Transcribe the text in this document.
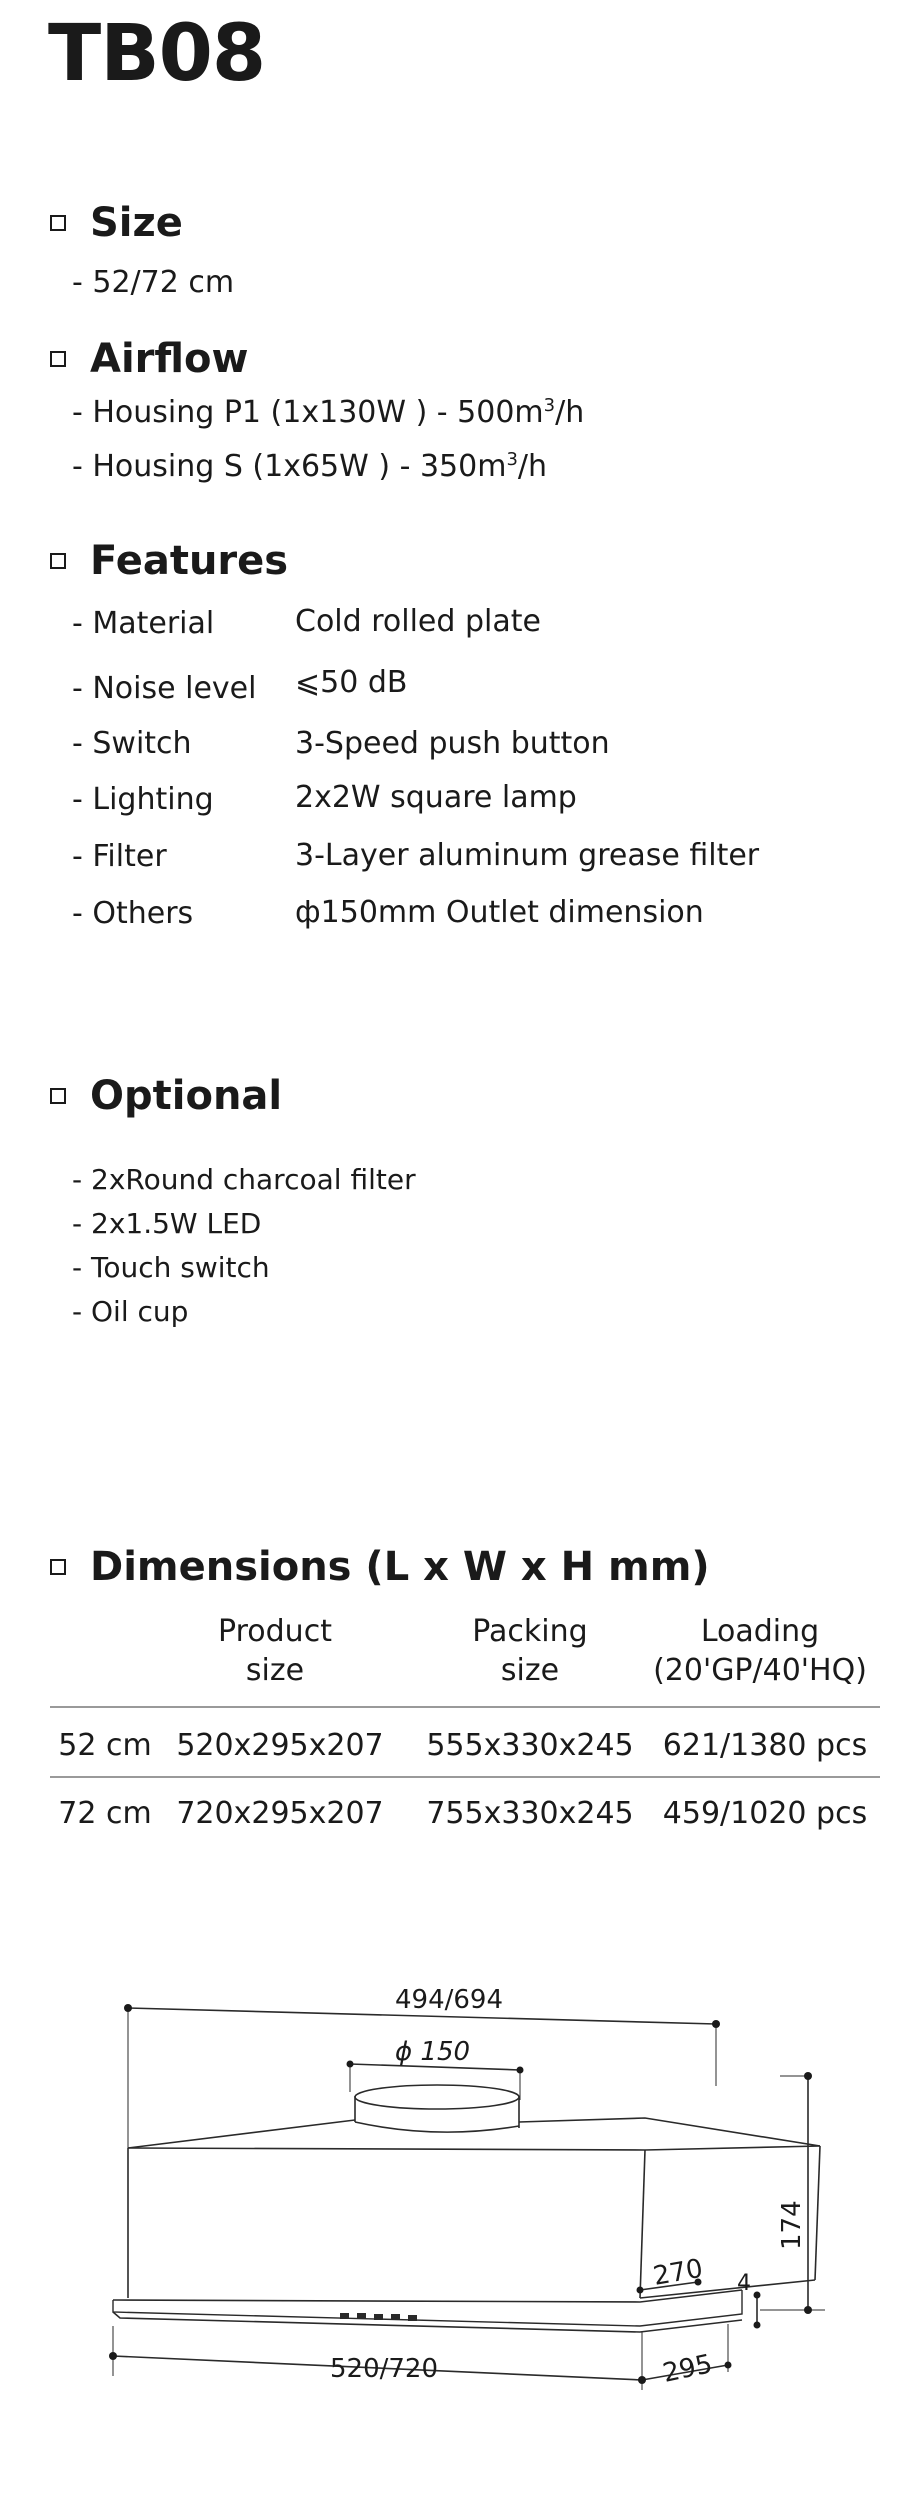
TB08
Size
- 52/72 cm
Airflow
- Housing P1 (1x130W ) - $500m^3/h$
- Housing S (1x65W ) - $350m^3/h$
Features
- Material	Cold rolled plate
- Noise level ⩽50 dB
- Switch	3-Speed push button
- Lighting	2x2W square lamp
- Filter	3-Layer aluminum grease filter
- Others	ф150mm Outlet dimension
Optional
- 2xRound charcoal filter
- 2x1.5W LED
- Touch switch
- Oil cup
Dimensions (L x W x H mm)
Product
size
Packing
size
Loading
(20'GP/40'HQ)
52 cm 520x295x207 555x330x245 621/1380 pcs
72 cm 720x295x207 755x330x245 459/1020 pcs
494/694
ϕ 150
174
270 4
520/720	295
